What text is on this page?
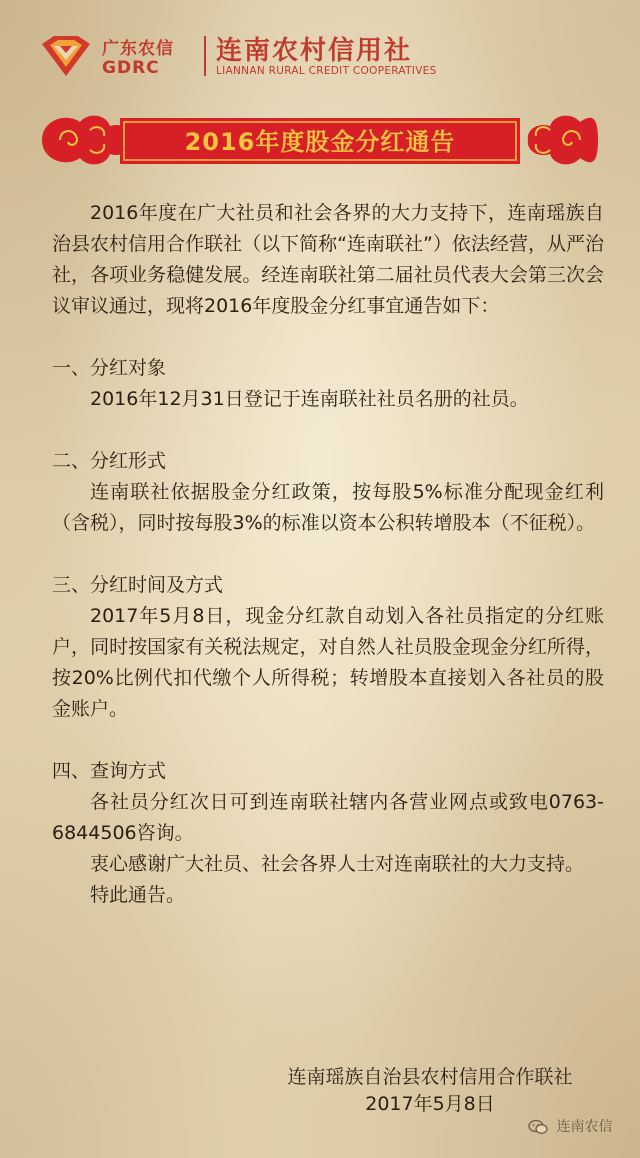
广东农信
GDRC
连南农村信用社
LIANNAN RURAL CREDIT COOPERATIVES
2016年度股金分红通告

2016年度在广大社员和社会各界的大力支持下，连南瑶族自治县农村信用合作联社（以下简称“连南联社”）依法经营，从严治社，各项业务稳健发展。经连南联社第二届社员代表大会第三次会议审议通过，现将2016年度股金分红事宜通告如下：

一、分红对象

2016年12月31日登记于连南联社社员名册的社员。

二、分红形式

连南联社依据股金分红政策，按每股5%标准分配现金红利（含税），同时按每股3%的标准以资本公积转增股本（不征税）。

三、分红时间及方式

2017年5月8日，现金分红款自动划入各社员指定的分红账户，同时按国家有关税法规定，对自然人社员股金现金分红所得，按20%比例代扣代缴个人所得税；转增股本直接划入各社员的股金账户。

四、查询方式

各社员分红次日可到连南联社辖内各营业网点或致电0763-6844506咨询。

衷心感谢广大社员、社会各界人士对连南联社的大力支持。

特此通告。

连南瑶族自治县农村信用合作联社
2017年5月8日
连南农信
